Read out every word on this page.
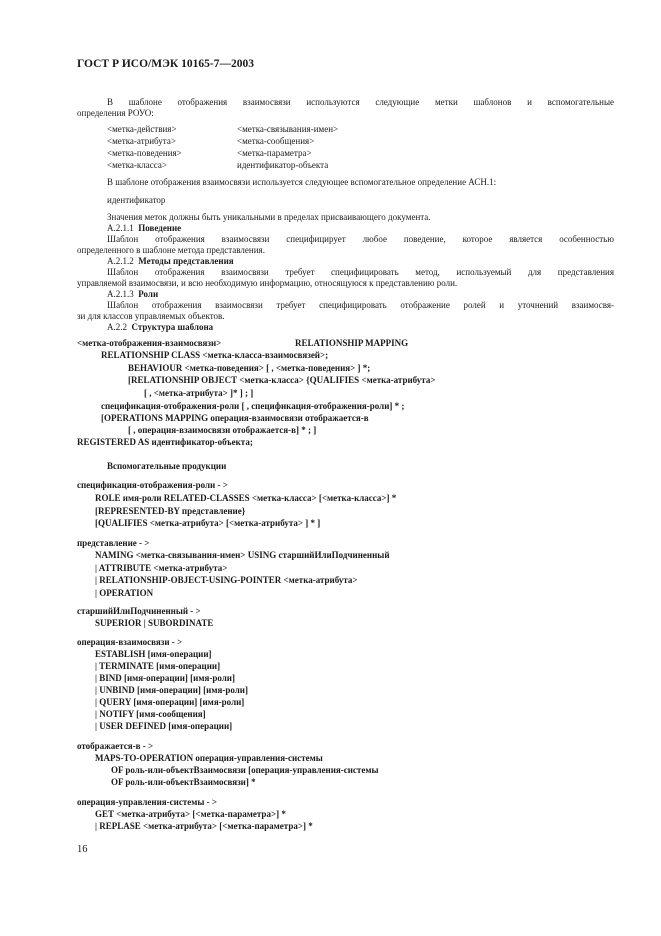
ГОСТ Р ИСО/МЭК 10165-7—2003
В шаблоне отображения взаимосвязи используются следующие метки шаблонов и вспомогательные
определения РОУО:
<метка-действия>
<метка-атрибута>
<метка-поведения>
<метка-класса>
<метка-связывания-имен>
<метка-сообщения>
<метка-параметра>
идентификатор-объекта
В шаблоне отображения взаимосвязи используется следующее вспомогательное определение АСН.1:
идентификатор
Значения меток должны быть уникальными в пределах присваивающего документа.
А.2.1.1 Поведение
Шаблон отображения взаимосвязи специфицирует любое поведение, которое является особенностью
определенного в шаблоне метода представления.
А.2.1.2 Методы представления
Шаблон отображения взаимосвязи требует специфицировать метод, используемый для представления
управляемой взаимосвязи, и всю необходимую информацию, относящуюся к представлению роли.
А.2.1.3 Роли
Шаблон отображения взаимосвязи требует специфицировать отображение ролей и уточнений взаимосвя-
зи для классов управляемых объектов.
А.2.2 Структура шаблона
<метка-отображения-взаимосвязи>	RELATIONSHIP MAPPING
RELATIONSHIP CLASS <метка-класса-взаимосвязей>;
BEHAVIOUR <метка-поведения> [ , <метка-поведения> ] *;
[RELATIONSHIP OBJECT <метка-класса> {QUALIFIES <метка-атрибута>
[ , <метка-атрибута> ]* ] ; ]
спецификация-отображения-роли [ , спецификация-отображения-роли] * ;
[OPERATIONS MAPPING операция-взаимосвязи отображается-в
[ , операция-взаимосвязи отображается-в] * ; ]
REGISTERED AS идентификатор-объекта;
Вспомогательные продукции
спецификация-отображения-роли - >
ROLE имя-роли RELATED-CLASSES <метка-класса> [<метка-класса>] *
[REPRESENTED-BY представление}
[QUALIFIES <метка-атрибута> [<метка-атрибута> ] * ]
представление - >
NAMING <метка-связывания-имен> USING старшийИлиПодчиненный
| ATTRIBUTE <метка-атрибута>
| RELATIONSHIP-OBJECT-USING-POINTER <метка-атрибута>
| OPERATION
старшийИлиПодчиненный - >
SUPERIOR | SUBORDINATE
операция-взаимосвязи - >
ESTABLISH [имя-операции]
| TERMINATE [имя-операции]
| BIND [имя-операции] [имя-роли]
| UNBIND [имя-операции] [имя-роли]
| QUERY [имя-операции] [имя-роли]
| NOTIFY [имя-сообщения]
| USER DEFINED [имя-операции]
отображается-в - >
MAPS-TO-OPERATION операция-управления-системы
OF роль-или-объектВзаимосвязи [операция-управления-системы
OF роль-или-объектВзаимосвязи] *
операция-управления-системы - >
GET <метка-атрибута> [<метка-параметра>] *
| REPLASE <метка-атрибута> [<метка-параметра>] *
16
